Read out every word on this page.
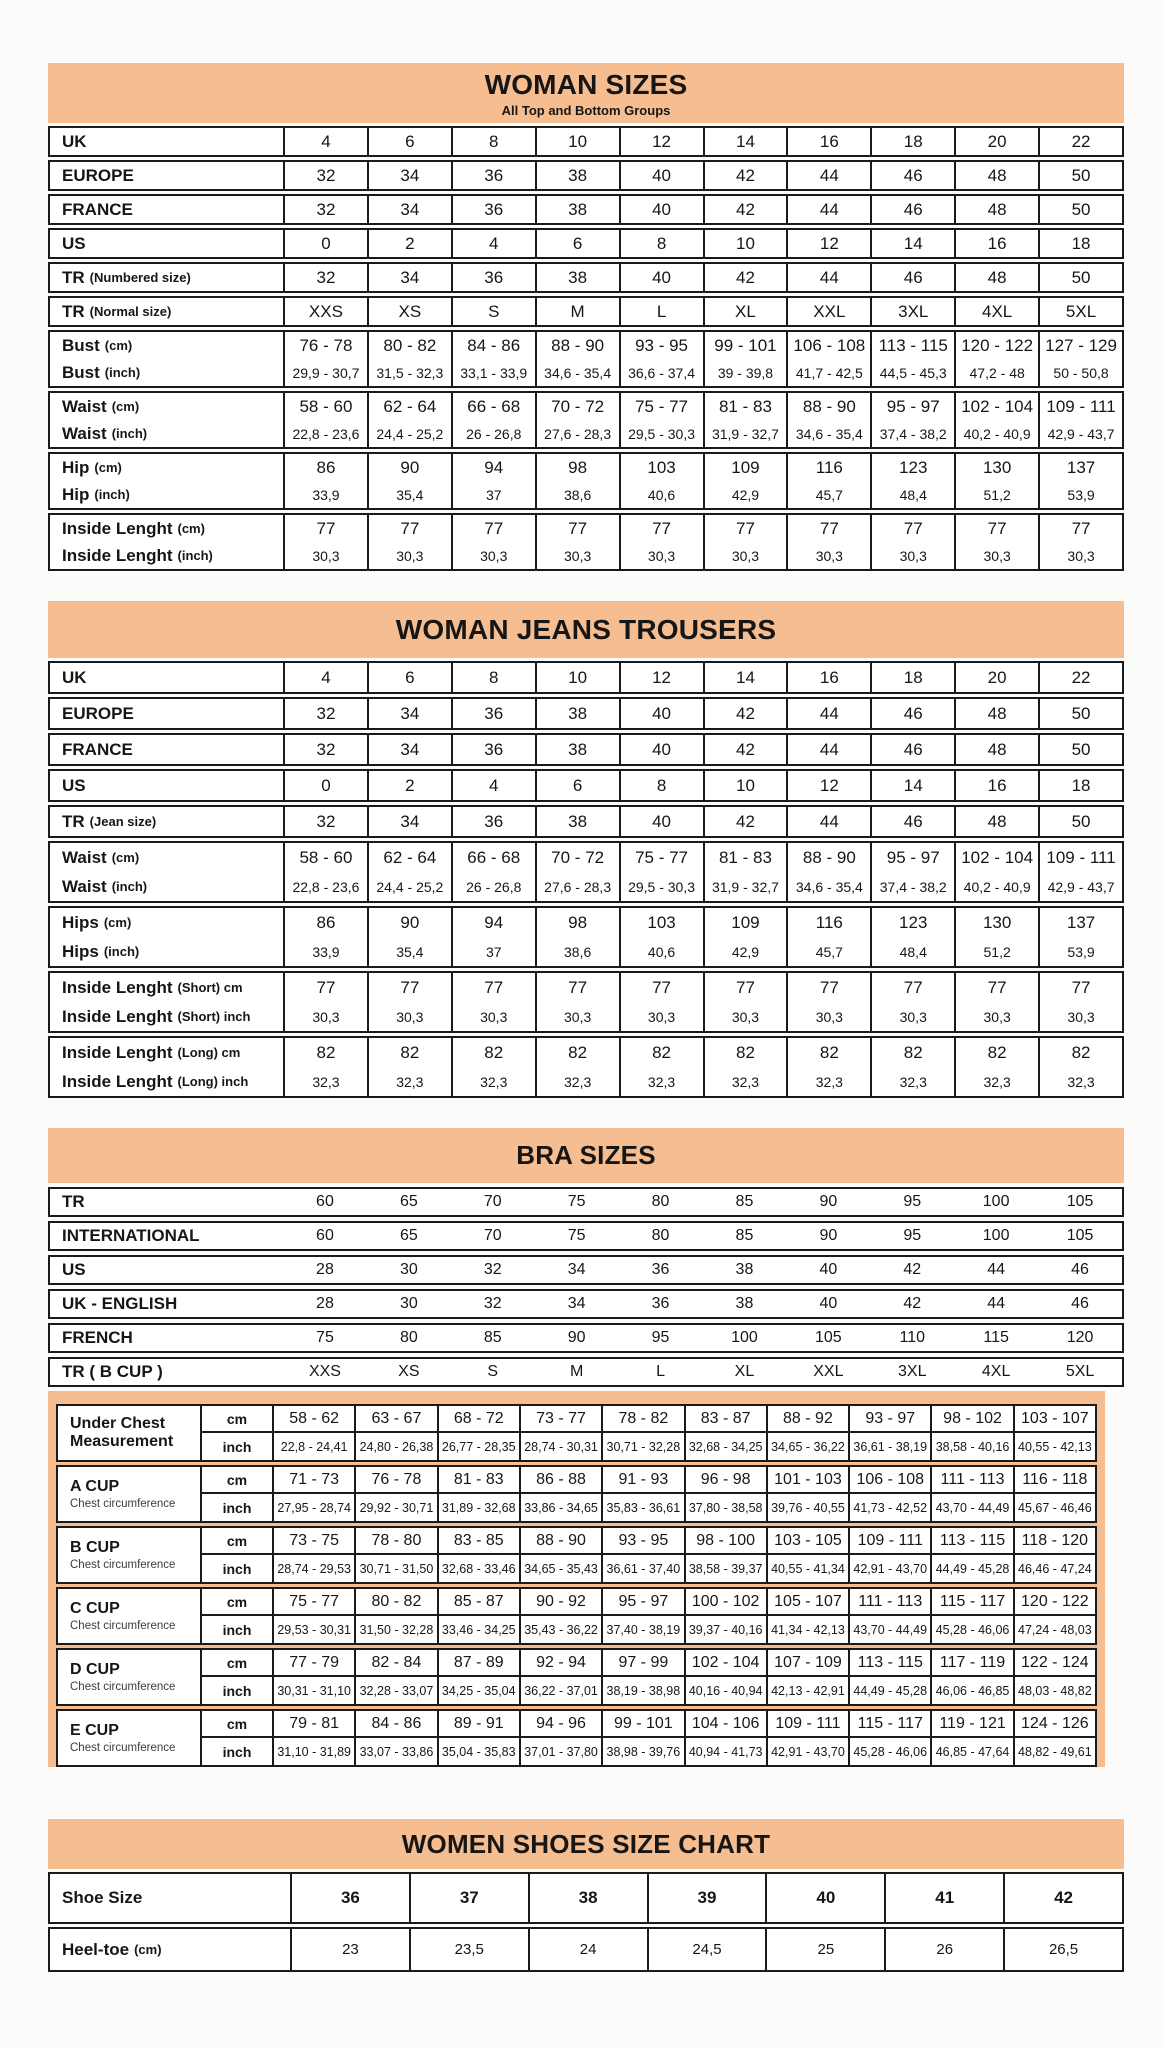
WOMAN SIZES
All Top and Bottom Groups
UK	4	6	8	10	12	14	16	18	20	22
EUROPE	32	34	36	38	40	42	44	46	48	50
FRANCE	32	34	36	38	40	42	44	46	48	50
US	0	2	4	6	8	10	12	14	16	18
TR (Numbered size)	32	34	36	38	40	42	44	46	48	50
TR (Normal size)	XXS	XS	S	M	L	XL	XXL	3XL	4XL	5XL
Bust (cm)	76 - 78	80 - 82	84 - 86	88 - 90	93 - 95	99 - 101 106 - 108 113 - 115 120 - 122 127 - 129
Bust (inch)	29,9 - 30,7	31,5 - 32,3	33,1 - 33,9	34,6 - 35,4	36,6 - 37,4	39 - 39,8	41,7 - 42,5	44,5 - 45,3	47,2 - 48	50 - 50,8
Waist (cm)	58 - 60	62 - 64	66 - 68	70 - 72	75 - 77	81 - 83	88 - 90	95 - 97	102 - 104 109 - 111
Waist (inch)	22,8 - 23,6	24,4 - 25,2	26 - 26,8	27,6 - 28,3	29,5 - 30,3	31,9 - 32,7	34,6 - 35,4	37,4 - 38,2	40,2 - 40,9	42,9 - 43,7
Hip (cm)	86	90	94	98	103	109	116	123	130	137
Hip (inch)	33,9	35,4	37	38,6	40,6	42,9	45,7	48,4	51,2	53,9
Inside Lenght (cm)	77	77	77	77	77	77	77	77	77	77
Inside Lenght (inch)	30,3	30,3	30,3	30,3	30,3	30,3	30,3	30,3	30,3	30,3
WOMAN JEANS TROUSERS
UK	4	6	8	10	12	14	16	18	20	22
EUROPE	32	34	36	38	40	42	44	46	48	50
FRANCE	32	34	36	38	40	42	44	46	48	50
US	0	2	4	6	8	10	12	14	16	18
TR (Jean size)	32	34	36	38	40	42	44	46	48	50
Waist (cm)	58 - 60	62 - 64	66 - 68	70 - 72	75 - 77	81 - 83	88 - 90	95 - 97	102 - 104 109 - 111
Waist (inch)	22,8 - 23,6	24,4 - 25,2	26 - 26,8	27,6 - 28,3	29,5 - 30,3	31,9 - 32,7	34,6 - 35,4	37,4 - 38,2	40,2 - 40,9	42,9 - 43,7
Hips (cm)	86	90	94	98	103	109	116	123	130	137
Hips (inch)	33,9	35,4	37	38,6	40,6	42,9	45,7	48,4	51,2	53,9
Inside Lenght (Short) cm	77	77	77	77	77	77	77	77	77	77
Inside Lenght (Short) inch	30,3	30,3	30,3	30,3	30,3	30,3	30,3	30,3	30,3	30,3
Inside Lenght (Long) cm	82	82	82	82	82	82	82	82	82	82
Inside Lenght (Long) inch	32,3	32,3	32,3	32,3	32,3	32,3	32,3	32,3	32,3	32,3
BRA SIZES
TR	60	65	70	75	80	85	90	95	100	105
INTERNATIONAL	60	65	70	75	80	85	90	95	100	105
US	28	30	32	34	36	38	40	42	44	46
UK - ENGLISH	28	30	32	34	36	38	40	42	44	46
FRENCH	75	80	85	90	95	100	105	110	115	120
TR ( B CUP )	XXS	XS	S	M	L	XL	XXL	3XL	4XL	5XL
Under Chest Measurement
cm	58 - 62	63 - 67	68 - 72	73 - 77	78 - 82	83 - 87	88 - 92	93 - 97	98 - 102	103 - 107
inch	22,8 - 24,41 24,80 - 26,38 26,77 - 28,35 28,74 - 30,31 30,71 - 32,28 32,68 - 34,25 34,65 - 36,22 36,61 - 38,19 38,58 - 40,16 40,55 - 42,13
A CUP
Chest circumference
cm	71 - 73	76 - 78	81 - 83	86 - 88	91 - 93	96 - 98	101 - 103 106 - 108	111 - 113	116 - 118
inch	27,95 - 28,74 29,92 - 30,71 31,89 - 32,68 33,86 - 34,65 35,83 - 36,61 37,80 - 38,58 39,76 - 40,55 41,73 - 42,52 43,70 - 44,49 45,67 - 46,46
B CUP
Chest circumference
cm	73 - 75	78 - 80	83 - 85	88 - 90	93 - 95	98 - 100	103 - 105 109 - 111	113 - 115	118 - 120
inch	28,74 - 29,53 30,71 - 31,50 32,68 - 33,46 34,65 - 35,43 36,61 - 37,40 38,58 - 39,37 40,55 - 41,34 42,91 - 43,70 44,49 - 45,28 46,46 - 47,24
C CUP
Chest circumference
cm	75 - 77	80 - 82	85 - 87	90 - 92	95 - 97	100 - 102 105 - 107	111 - 113	115 - 117 120 - 122
inch	29,53 - 30,31 31,50 - 32,28 33,46 - 34,25 35,43 - 36,22 37,40 - 38,19 39,37 - 40,16 41,34 - 42,13 43,70 - 44,49 45,28 - 46,06 47,24 - 48,03
D CUP
Chest circumference
cm	77 - 79	82 - 84	87 - 89	92 - 94	97 - 99	102 - 104 107 - 109 113 - 115	117 - 119 122 - 124
inch	30,31 - 31,10 32,28 - 33,07 34,25 - 35,04 36,22 - 37,01 38,19 - 38,98 40,16 - 40,94 42,13 - 42,91 44,49 - 45,28 46,06 - 46,85 48,03 - 48,82
E CUP
Chest circumference
cm	79 - 81	84 - 86	89 - 91	94 - 96	99 - 101	104 - 106 109 - 111	115 - 117	119 - 121 124 - 126
inch	31,10 - 31,89 33,07 - 33,86 35,04 - 35,83 37,01 - 37,80 38,98 - 39,76 40,94 - 41,73 42,91 - 43,70 45,28 - 46,06 46,85 - 47,64 48,82 - 49,61
WOMEN SHOES SIZE CHART
Shoe Size	36	37	38	39	40	41	42
Heel-toe (cm)	23	23,5	24	24,5	25	26	26,5
